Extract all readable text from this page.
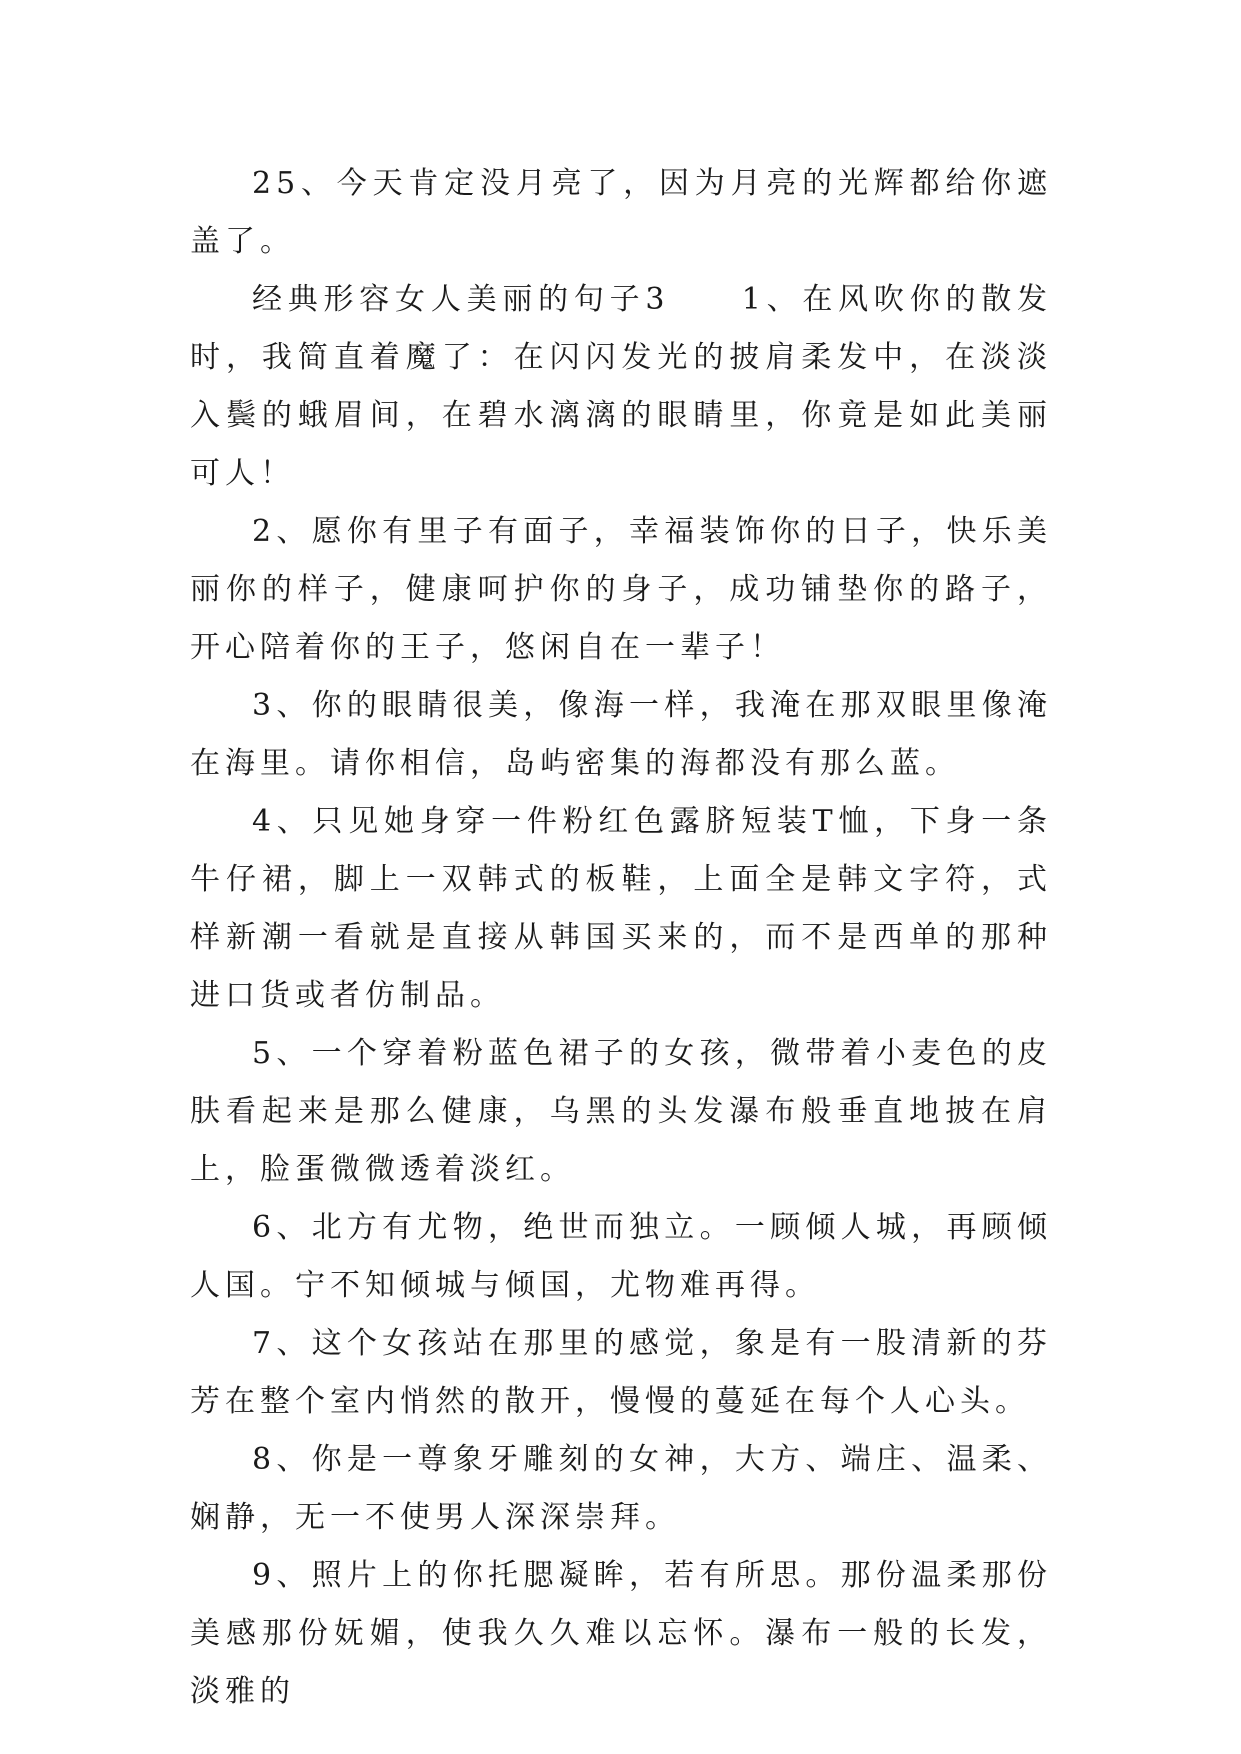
25、今天肯定没月亮了，因为月亮的光辉都给你遮盖了。

经典形容女人美丽的句子3　　1、在风吹你的散发时，我简直着魔了：在闪闪发光的披肩柔发中，在淡淡入鬓的蛾眉间，在碧水漓漓的眼睛里，你竟是如此美丽可人！

2、愿你有里子有面子，幸福装饰你的日子，快乐美丽你的样子，健康呵护你的身子，成功铺垫你的路子，开心陪着你的王子，悠闲自在一辈子！

3、你的眼睛很美，像海一样，我淹在那双眼里像淹在海里。请你相信，岛屿密集的海都没有那么蓝。

4、只见她身穿一件粉红色露脐短装T恤，下身一条牛仔裙，脚上一双韩式的板鞋，上面全是韩文字符，式样新潮一看就是直接从韩国买来的，而不是西单的那种进口货或者仿制品。

5、一个穿着粉蓝色裙子的女孩，微带着小麦色的皮肤看起来是那么健康，乌黑的头发瀑布般垂直地披在肩上，脸蛋微微透着淡红。

6、北方有尤物，绝世而独立。一顾倾人城，再顾倾人国。宁不知倾城与倾国，尤物难再得。

7、这个女孩站在那里的感觉，象是有一股清新的芬芳在整个室内悄然的散开，慢慢的蔓延在每个人心头。

8、你是一尊象牙雕刻的女神，大方、端庄、温柔、娴静，无一不使男人深深崇拜。

9、照片上的你托腮凝眸，若有所思。那份温柔那份美感那份妩媚，使我久久难以忘怀。瀑布一般的长发，淡雅的
